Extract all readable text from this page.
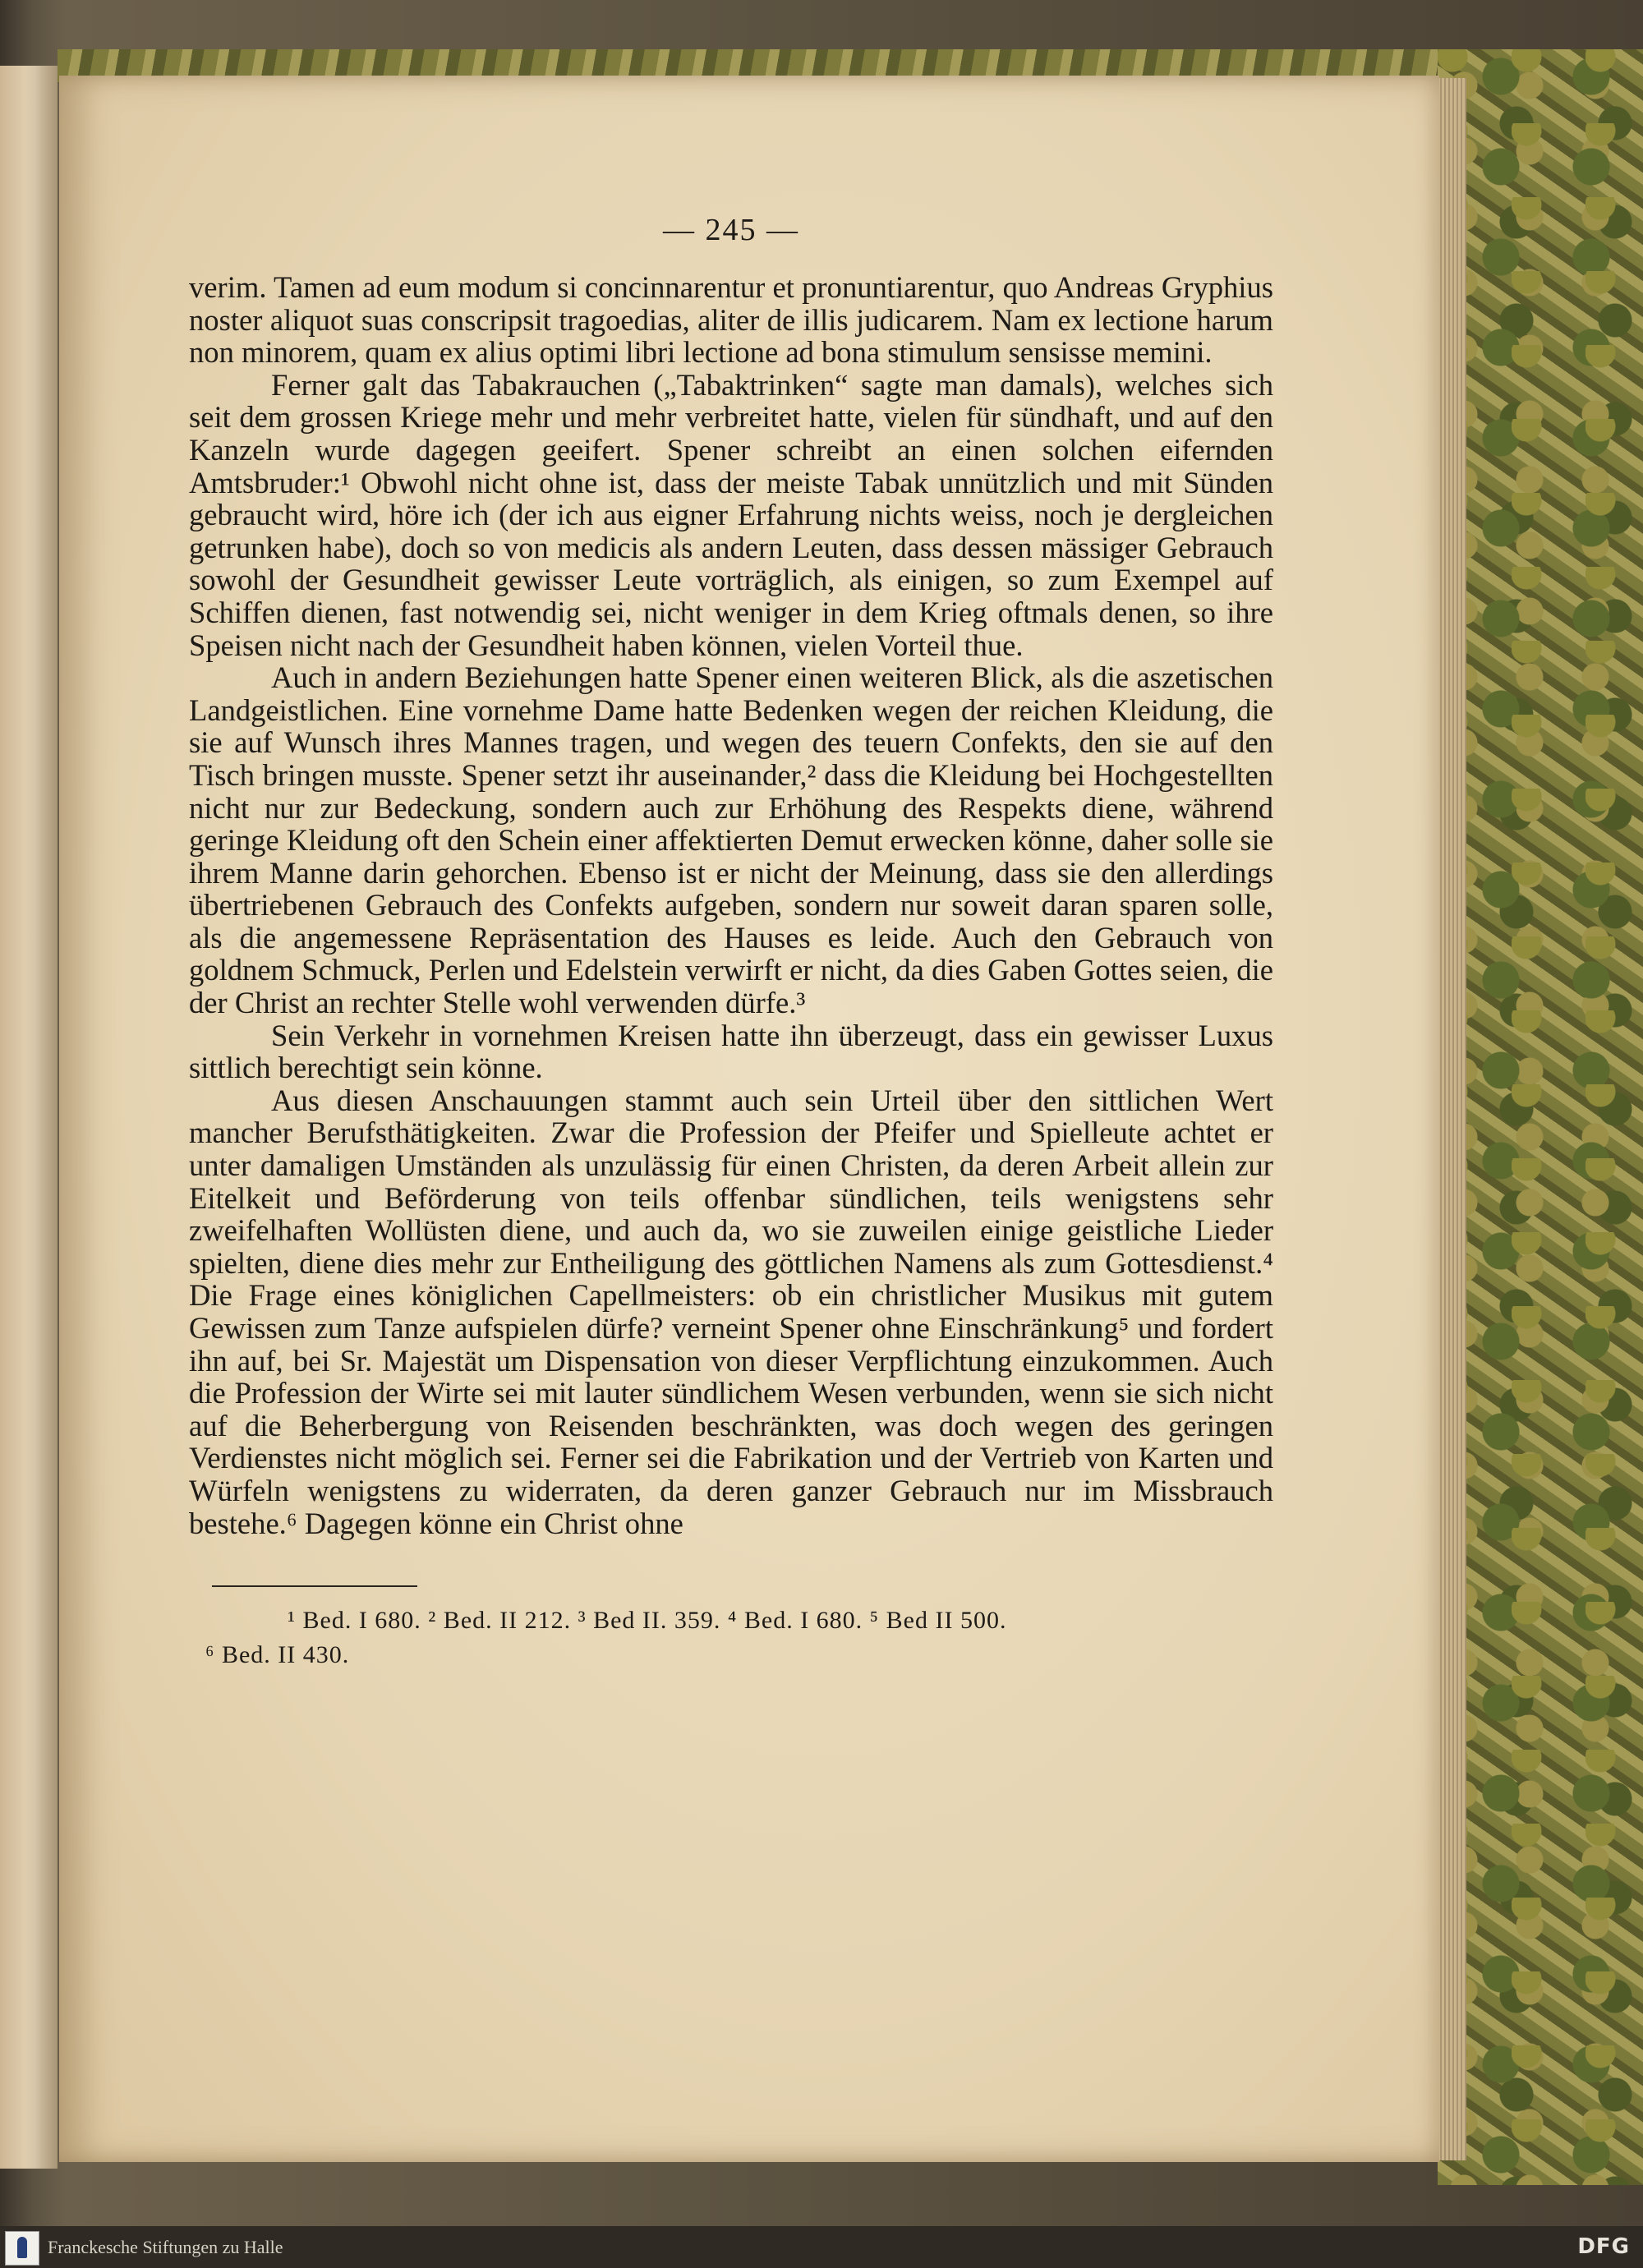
— 245 —

verim. Tamen ad eum modum si concinnarentur et pronuntiarentur, quo Andreas Gryphius noster aliquot suas conscripsit tragoedias, aliter de illis judicarem. Nam ex lectione harum non minorem, quam ex alius optimi libri lectione ad bona stimulum sensisse memini.

Ferner galt das Tabakrauchen („Tabaktrinken“ sagte man damals), welches sich seit dem grossen Kriege mehr und mehr verbreitet hatte, vielen für sündhaft, und auf den Kanzeln wurde dagegen geeifert. Spener schreibt an einen solchen eifernden Amtsbruder:¹ Obwohl nicht ohne ist, dass der meiste Tabak unnützlich und mit Sünden gebraucht wird, höre ich (der ich aus eigner Erfahrung nichts weiss, noch je dergleichen getrunken habe), doch so von medicis als andern Leuten, dass dessen mässiger Gebrauch sowohl der Gesundheit gewisser Leute vorträglich, als einigen, so zum Exempel auf Schiffen dienen, fast notwendig sei, nicht weniger in dem Krieg oftmals denen, so ihre Speisen nicht nach der Gesundheit haben können, vielen Vorteil thue.

Auch in andern Beziehungen hatte Spener einen weiteren Blick, als die aszetischen Landgeistlichen. Eine vornehme Dame hatte Bedenken wegen der reichen Kleidung, die sie auf Wunsch ihres Mannes tragen, und wegen des teuern Confekts, den sie auf den Tisch bringen musste. Spener setzt ihr auseinander,² dass die Kleidung bei Hochgestellten nicht nur zur Bedeckung, sondern auch zur Erhöhung des Respekts diene, während geringe Kleidung oft den Schein einer affektierten Demut erwecken könne, daher solle sie ihrem Manne darin gehorchen. Ebenso ist er nicht der Meinung, dass sie den allerdings übertriebenen Gebrauch des Confekts aufgeben, sondern nur soweit daran sparen solle, als die angemessene Repräsentation des Hauses es leide. Auch den Gebrauch von goldnem Schmuck, Perlen und Edelstein verwirft er nicht, da dies Gaben Gottes seien, die der Christ an rechter Stelle wohl verwenden dürfe.³

Sein Verkehr in vornehmen Kreisen hatte ihn überzeugt, dass ein gewisser Luxus sittlich berechtigt sein könne.

Aus diesen Anschauungen stammt auch sein Urteil über den sittlichen Wert mancher Berufsthätigkeiten. Zwar die Profession der Pfeifer und Spielleute achtet er unter damaligen Umständen als unzulässig für einen Christen, da deren Arbeit allein zur Eitelkeit und Beförderung von teils offenbar sündlichen, teils wenigstens sehr zweifelhaften Wollüsten diene, und auch da, wo sie zuweilen einige geistliche Lieder spielten, diene dies mehr zur Entheiligung des göttlichen Namens als zum Gottesdienst.⁴ Die Frage eines königlichen Capellmeisters: ob ein christlicher Musikus mit gutem Gewissen zum Tanze aufspielen dürfe? verneint Spener ohne Einschränkung⁵ und fordert ihn auf, bei Sr. Majestät um Dispensation von dieser Verpflichtung einzukommen. Auch die Profession der Wirte sei mit lauter sündlichem Wesen verbunden, wenn sie sich nicht auf die Beherbergung von Reisenden beschränkten, was doch wegen des geringen Verdienstes nicht möglich sei. Ferner sei die Fabrikation und der Vertrieb von Karten und Würfeln wenigstens zu widerraten, da deren ganzer Gebrauch nur im Missbrauch bestehe.⁶ Dagegen könne ein Christ ohne

¹ Bed. I 680. ² Bed. II 212. ³ Bed II. 359. ⁴ Bed. I 680. ⁵ Bed II 500.
⁶ Bed. II 430.
Franckesche Stiftungen zu Halle	DFG
